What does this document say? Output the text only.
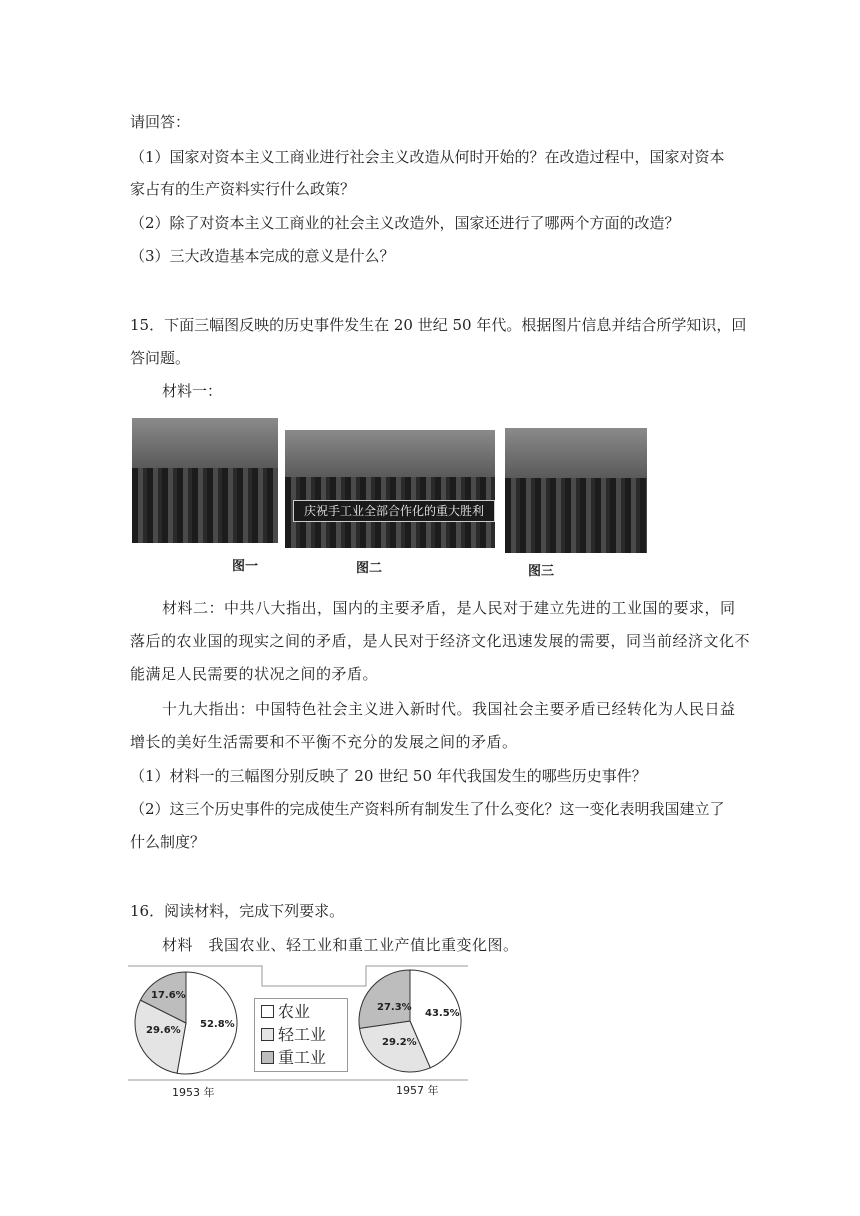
请回答：
（1）国家对资本主义工商业进行社会主义改造从何时开始的？在改造过程中，国家对资本
家占有的生产资料实行什么政策？
（2）除了对资本主义工商业的社会主义改造外，国家还进行了哪两个方面的改造？
（3）三大改造基本完成的意义是什么？
15．下面三幅图反映的历史事件发生在 20 世纪 50 年代。根据图片信息并结合所学知识，回
答问题。
材料一：
庆祝手工业全部合作化的重大胜利
图一	图二	图三
材料二：中共八大指出，国内的主要矛盾，是人民对于建立先进的工业国的要求，同
落后的农业国的现实之间的矛盾，是人民对于经济文化迅速发展的需要，同当前经济文化不
能满足人民需要的状况之间的矛盾。
十九大指出：中国特色社会主义进入新时代。我国社会主要矛盾已经转化为人民日益
增长的美好生活需要和不平衡不充分的发展之间的矛盾。
（1）材料一的三幅图分别反映了 20 世纪 50 年代我国发生的哪些历史事件？
（2）这三个历史事件的完成使生产资料所有制发生了什么变化？这一变化表明我国建立了
什么制度？
16．阅读材料，完成下列要求。
材料　我国农业、轻工业和重工业产值比重变化图。
52.8%
29.6%
17.6%
43.5%
29.2%
27.3%
1953 年	1957 年
农业
轻工业
重工业
